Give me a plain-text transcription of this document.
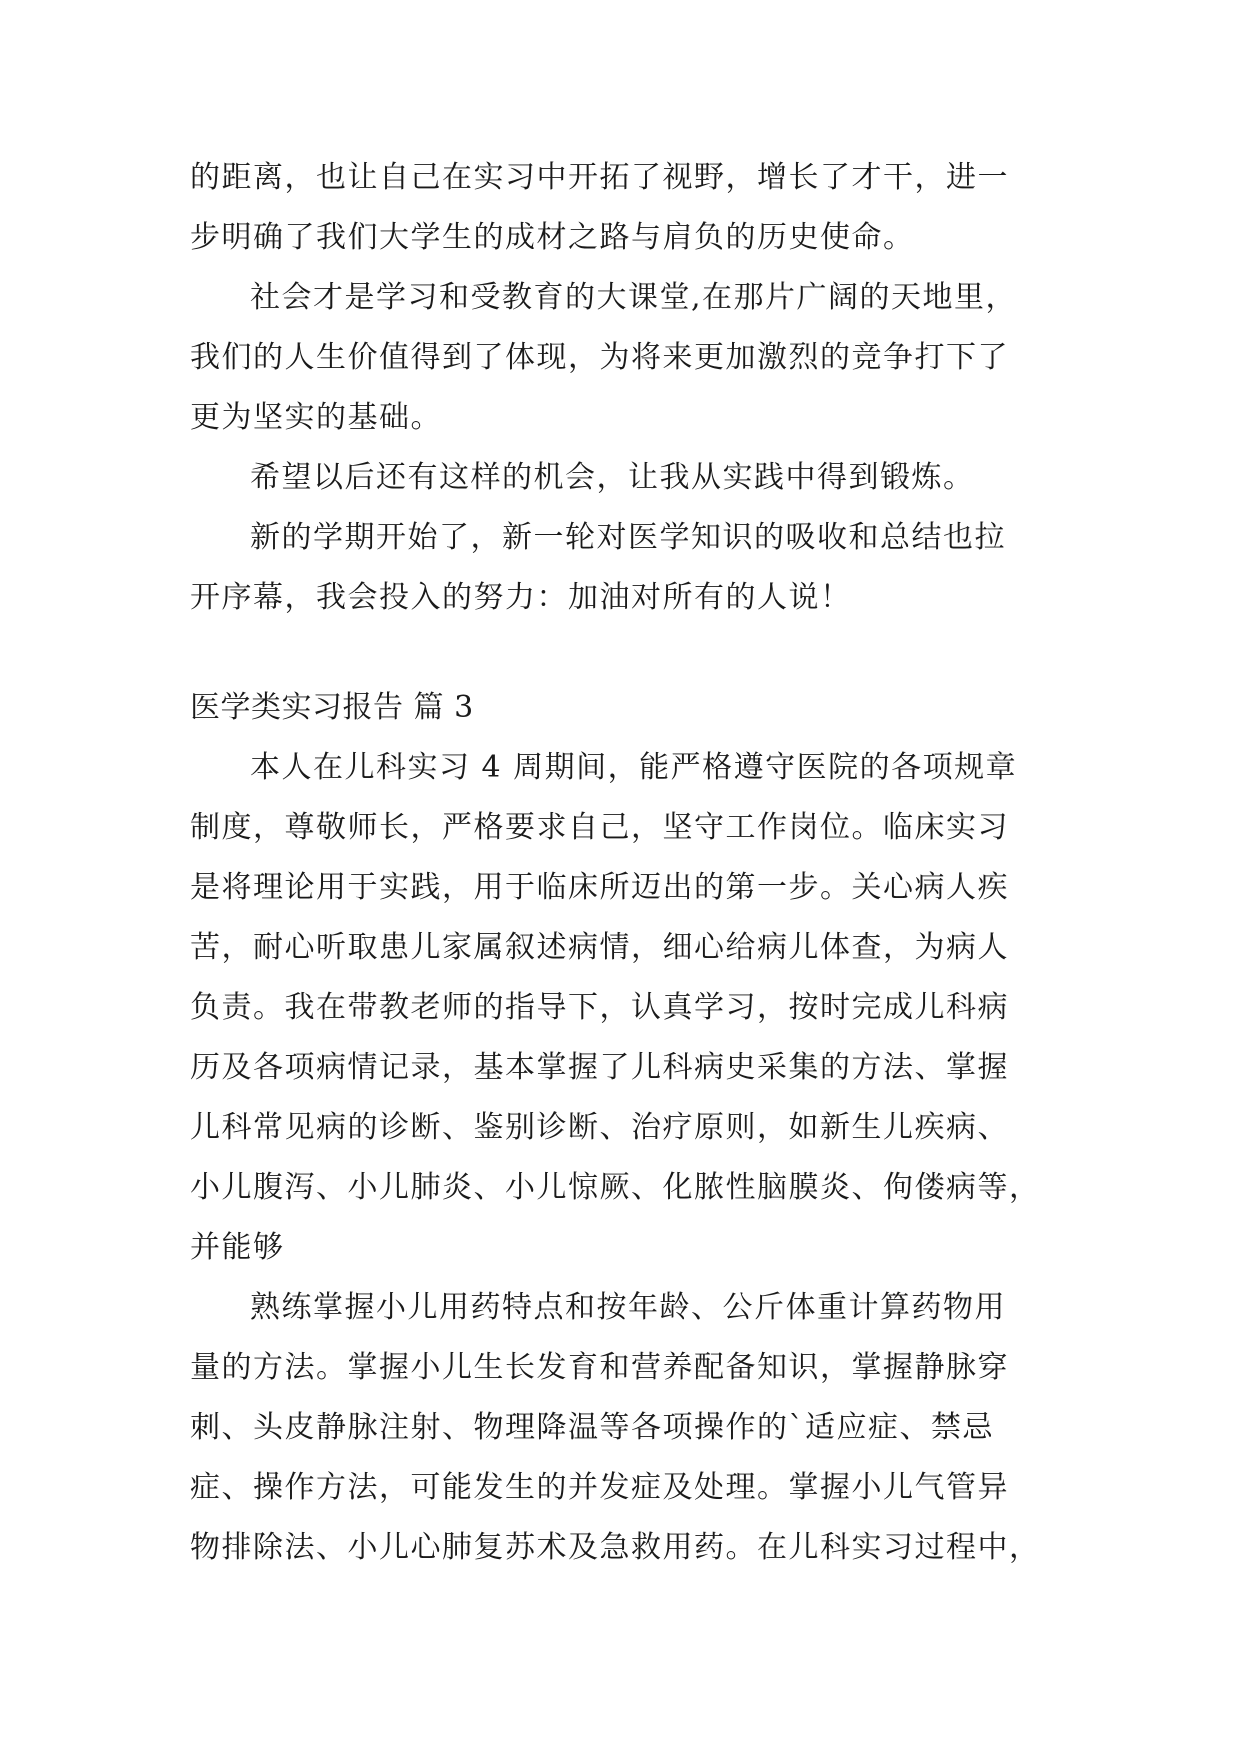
的距离，也让自己在实习中开拓了视野，增长了才干，进一

步明确了我们大学生的成材之路与肩负的历史使命。

社会才是学习和受教育的大课堂,在那片广阔的天地里，

我们的人生价值得到了体现，为将来更加激烈的竞争打下了

更为坚实的基础。

希望以后还有这样的机会，让我从实践中得到锻炼。

新的学期开始了，新一轮对医学知识的吸收和总结也拉

开序幕，我会投入的努力：加油对所有的人说！

医学类实习报告 篇 3

本人在儿科实习 4 周期间，能严格遵守医院的各项规章

制度，尊敬师长，严格要求自己，坚守工作岗位。临床实习

是将理论用于实践，用于临床所迈出的第一步。关心病人疾

苦，耐心听取患儿家属叙述病情，细心给病儿体查，为病人

负责。我在带教老师的指导下，认真学习，按时完成儿科病

历及各项病情记录，基本掌握了儿科病史采集的方法、掌握

儿科常见病的诊断、鉴别诊断、治疗原则，如新生儿疾病、

小儿腹泻、小儿肺炎、小儿惊厥、化脓性脑膜炎、佝偻病等，

并能够

熟练掌握小儿用药特点和按年龄、公斤体重计算药物用

量的方法。掌握小儿生长发育和营养配备知识，掌握静脉穿

刺、头皮静脉注射、物理降温等各项操作的`适应症、禁忌

症、操作方法，可能发生的并发症及处理。掌握小儿气管异

物排除法、小儿心肺复苏术及急救用药。在儿科实习过程中，
